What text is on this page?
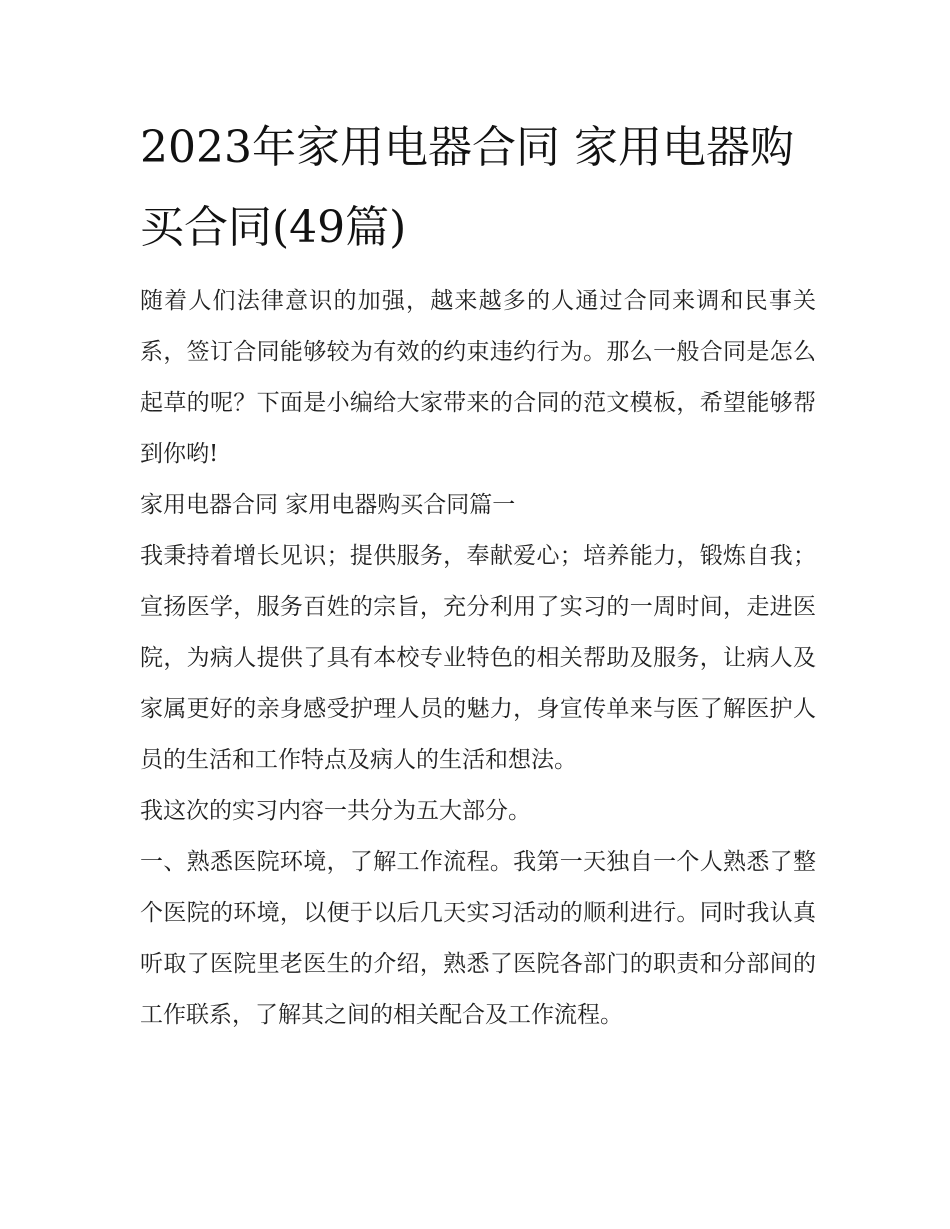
2023年家用电器合同 家用电器购买合同(49篇)

随着人们法律意识的加强，越来越多的人通过合同来调和民事关系，签订合同能够较为有效的约束违约行为。那么一般合同是怎么起草的呢？下面是小编给大家带来的合同的范文模板，希望能够帮到你哟!

家用电器合同 家用电器购买合同篇一

我秉持着增长见识；提供服务，奉献爱心；培养能力，锻炼自我；宣扬医学，服务百姓的宗旨，充分利用了实习的一周时间，走进医院，为病人提供了具有本校专业特色的相关帮助及服务，让病人及家属更好的亲身感受护理人员的魅力，身宣传单来与医了解医护人员的生活和工作特点及病人的生活和想法。

我这次的实习内容一共分为五大部分。

一、熟悉医院环境，了解工作流程。我第一天独自一个人熟悉了整个医院的环境，以便于以后几天实习活动的顺利进行。同时我认真听取了医院里老医生的介绍，熟悉了医院各部门的职责和分部间的工作联系，了解其之间的相关配合及工作流程。
